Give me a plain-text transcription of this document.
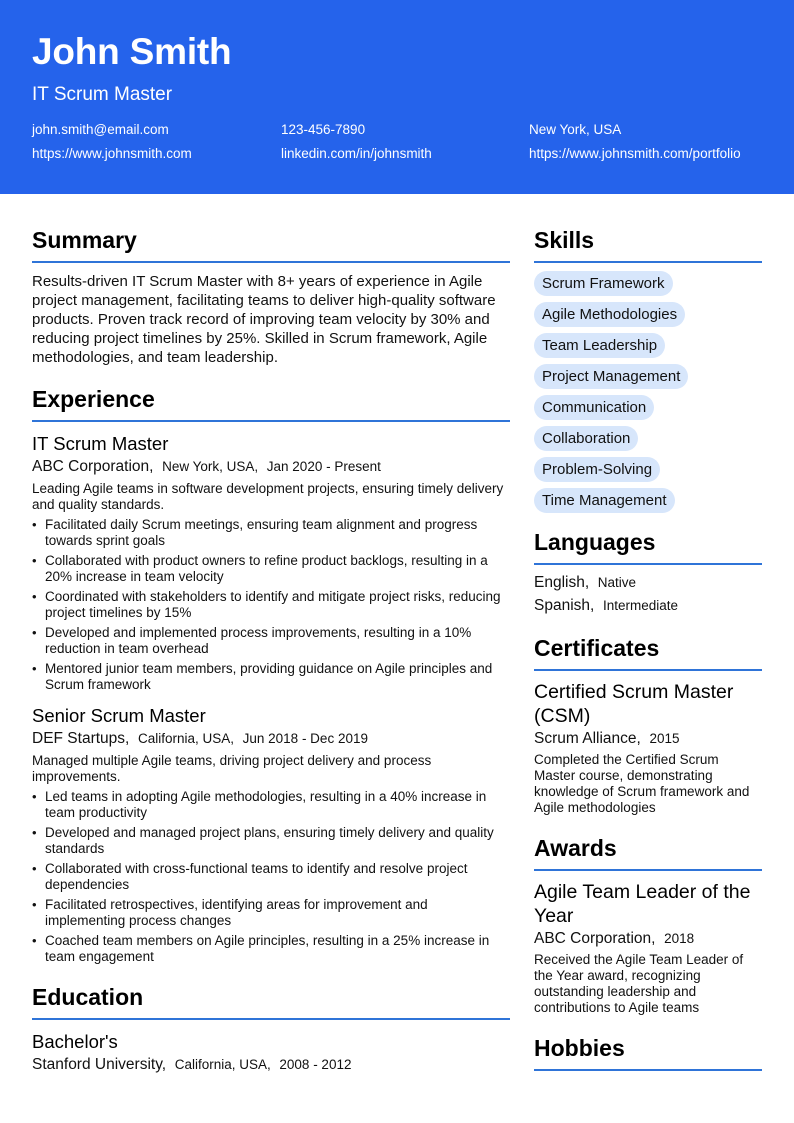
John Smith
IT Scrum Master
john.smith@email.com	123-456-7890	New York, USA
https://www.johnsmith.com	linkedin.com/in/johnsmith	https://www.johnsmith.com/portfolio
Summary
Results-driven IT Scrum Master with 8+ years of experience in Agile project management, facilitating teams to deliver high-quality software products. Proven track record of improving team velocity by 30% and reducing project timelines by 25%. Skilled in Scrum framework, Agile methodologies, and team leadership.
Experience
IT Scrum Master
ABC Corporation, New York, USA, Jan 2020 - Present
Leading Agile teams in software development projects, ensuring timely delivery and quality standards.
• Facilitated daily Scrum meetings, ensuring team alignment and progress towards sprint goals
• Collaborated with product owners to refine product backlogs, resulting in a 20% increase in team velocity
• Coordinated with stakeholders to identify and mitigate project risks, reducing project timelines by 15%
• Developed and implemented process improvements, resulting in a 10% reduction in team overhead
• Mentored junior team members, providing guidance on Agile principles and Scrum framework
Senior Scrum Master
DEF Startups, California, USA, Jun 2018 - Dec 2019
Managed multiple Agile teams, driving project delivery and process improvements.
• Led teams in adopting Agile methodologies, resulting in a 40% increase in team productivity
• Developed and managed project plans, ensuring timely delivery and quality standards
• Collaborated with cross-functional teams to identify and resolve project dependencies
• Facilitated retrospectives, identifying areas for improvement and implementing process changes
• Coached team members on Agile principles, resulting in a 25% increase in team engagement
Education
Bachelor's
Stanford University, California, USA, 2008 - 2012
Skills
Scrum Framework
Agile Methodologies
Team Leadership
Project Management
Communication
Collaboration
Problem-Solving
Time Management
Languages
English, Native
Spanish, Intermediate
Certificates
Certified Scrum Master (CSM)
Scrum Alliance, 2015
Completed the Certified Scrum Master course, demonstrating knowledge of Scrum framework and Agile methodologies
Awards
Agile Team Leader of the Year
ABC Corporation, 2018
Received the Agile Team Leader of the Year award, recognizing outstanding leadership and contributions to Agile teams
Hobbies
